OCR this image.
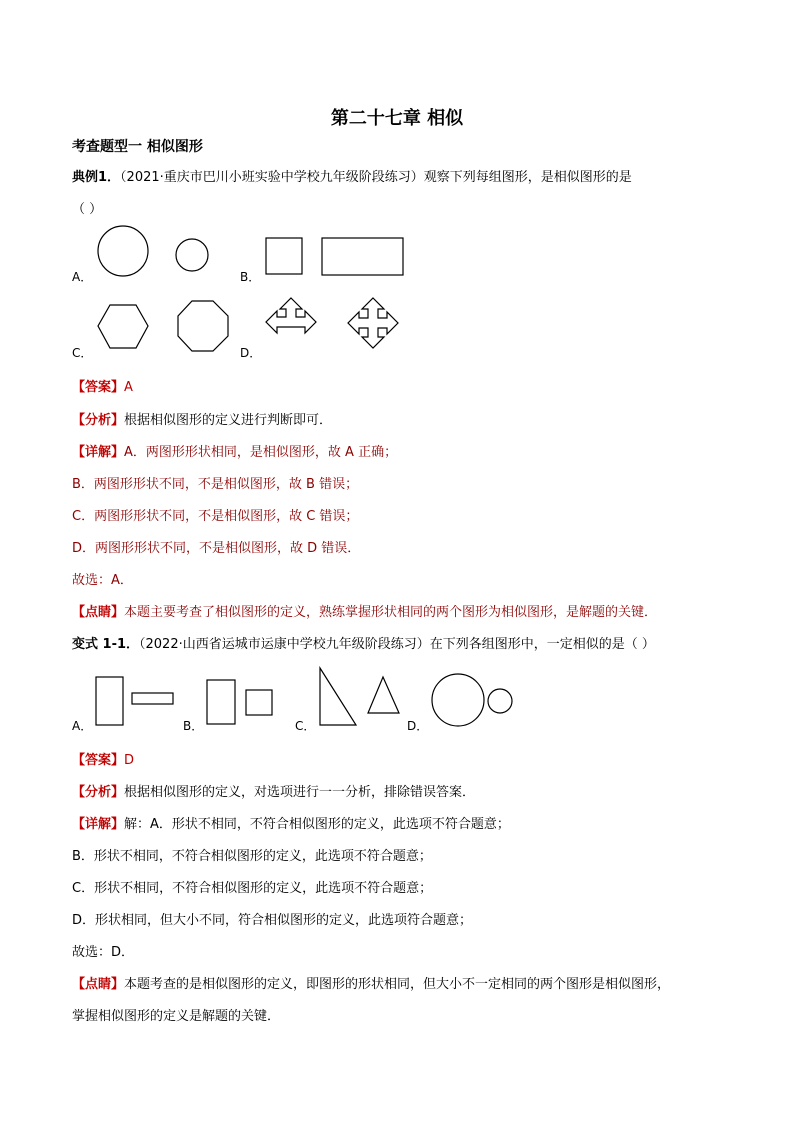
第二十七章 相似
考查题型一 相似图形
典例1．（2021·重庆市巴川小班实验中学校九年级阶段练习）观察下列每组图形，是相似图形的是
（ ）
A．	B．
C．	D．
【答案】A
【分析】根据相似图形的定义进行判断即可．
【详解】A．两图形形状相同，是相似图形，故 A 正确；
B．两图形形状不同，不是相似图形，故 B 错误；
C．两图形形状不同，不是相似图形，故 C 错误；
D．两图形形状不同，不是相似图形，故 D 错误．
故选：A．
【点睛】本题主要考查了相似图形的定义，熟练掌握形状相同的两个图形为相似图形，是解题的关键．
变式 1-1．（2022·山西省运城市运康中学校九年级阶段练习）在下列各组图形中，一定相似的是（ ）
A．	B．	C．	D．
【答案】D
【分析】根据相似图形的定义，对选项进行一一分析，排除错误答案．
【详解】解：A．形状不相同，不符合相似图形的定义，此选项不符合题意；
B．形状不相同，不符合相似图形的定义，此选项不符合题意；
C．形状不相同，不符合相似图形的定义，此选项不符合题意；
D．形状相同，但大小不同，符合相似图形的定义，此选项符合题意；
故选：D．
【点睛】本题考查的是相似图形的定义，即图形的形状相同，但大小不一定相同的两个图形是相似图形，
掌握相似图形的定义是解题的关键．
